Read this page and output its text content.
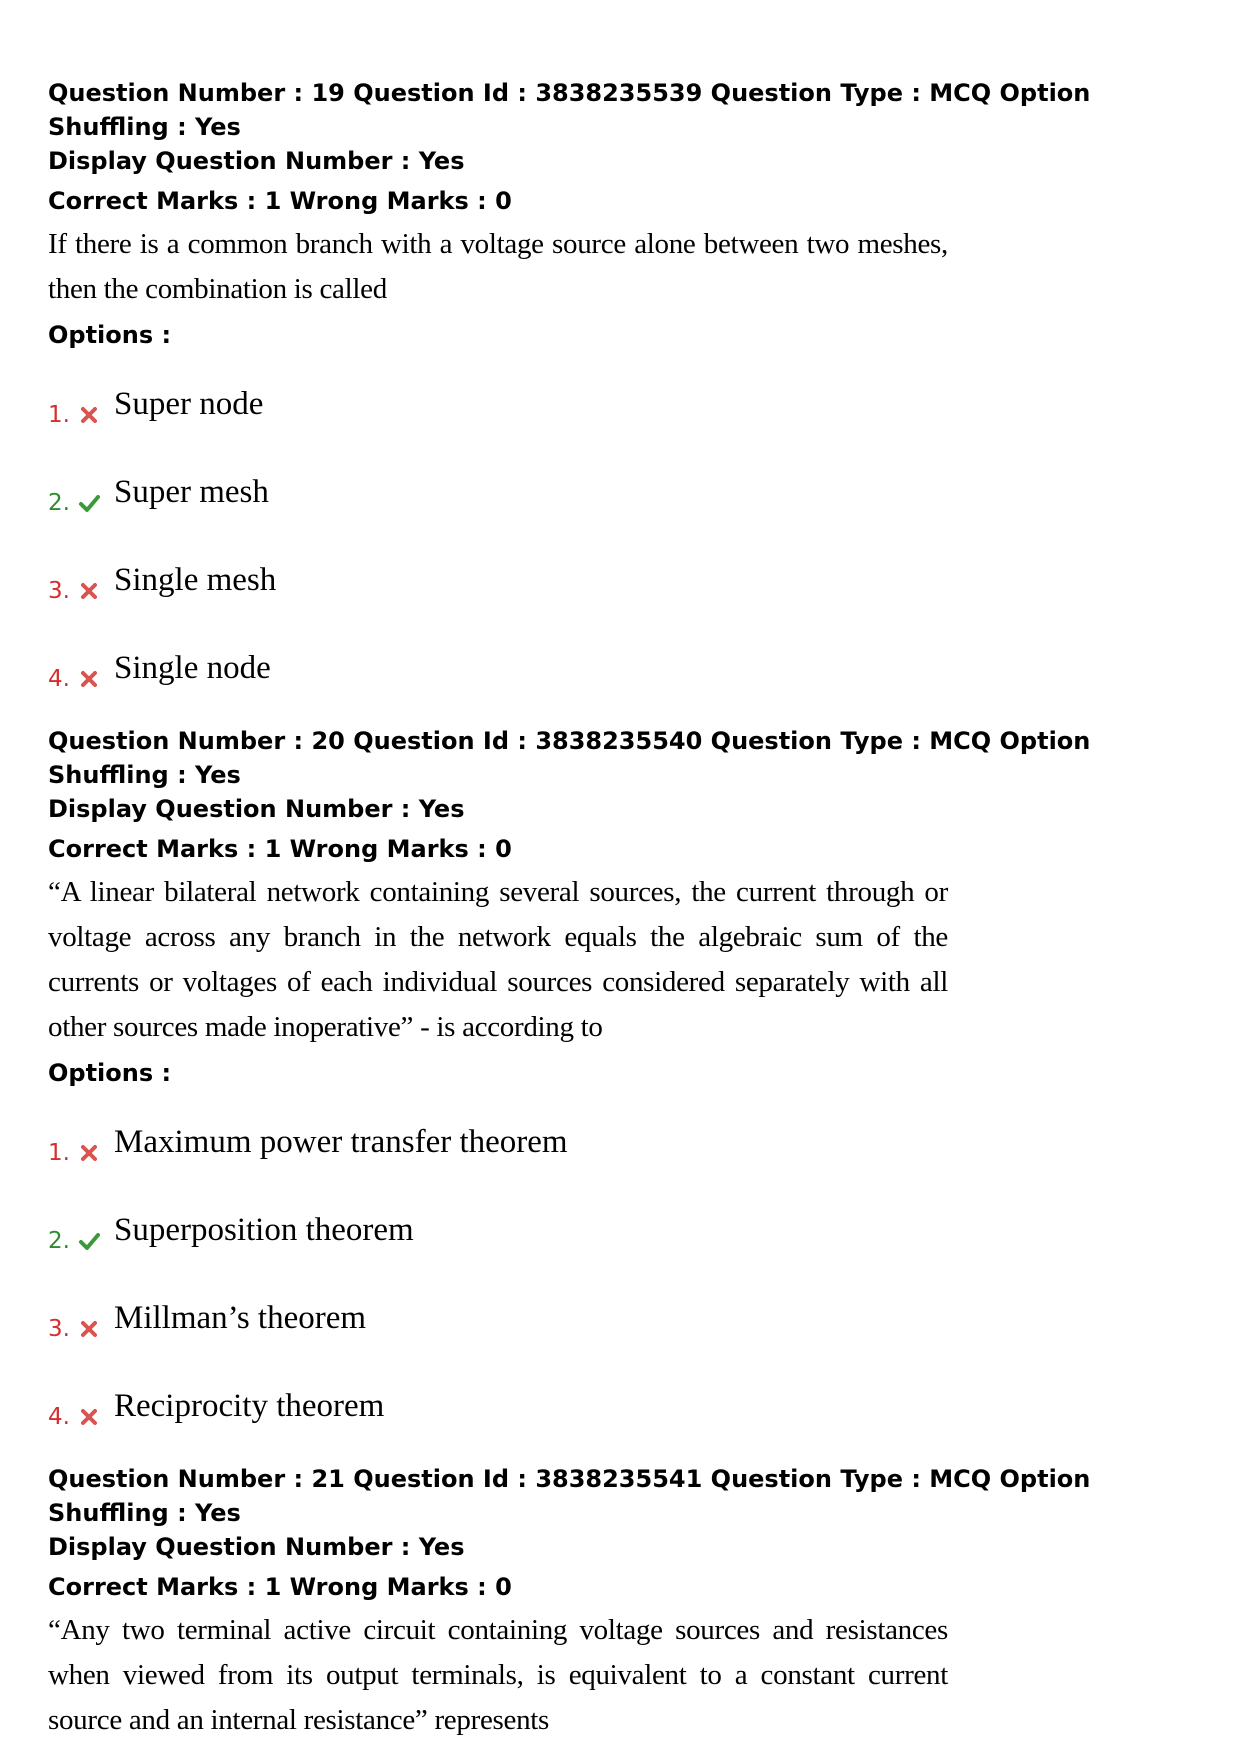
Question Number : 19 Question Id : 3838235539 Question Type : MCQ Option Shuffling : Yes

Display Question Number : Yes

Correct Marks : 1 Wrong Marks : 0

If there is a common branch with a voltage source alone between two meshes, then the combination is called
Options :
1. Super node
2. Super mesh
3. Single mesh
4. Single node

Question Number : 20 Question Id : 3838235540 Question Type : MCQ Option Shuffling : Yes

Display Question Number : Yes

Correct Marks : 1 Wrong Marks : 0

“A linear bilateral network containing several sources, the current through or voltage across any branch in the network equals the algebraic sum of the currents or voltages of each individual sources considered separately with all other sources made inoperative” - is according to
Options :
1. Maximum power transfer theorem
2. Superposition theorem
3. Millman’s theorem
4. Reciprocity theorem

Question Number : 21 Question Id : 3838235541 Question Type : MCQ Option Shuffling : Yes

Display Question Number : Yes

Correct Marks : 1 Wrong Marks : 0

“Any two terminal active circuit containing voltage sources and resistances when viewed from its output terminals, is equivalent to a constant current source and an internal resistance” represents
